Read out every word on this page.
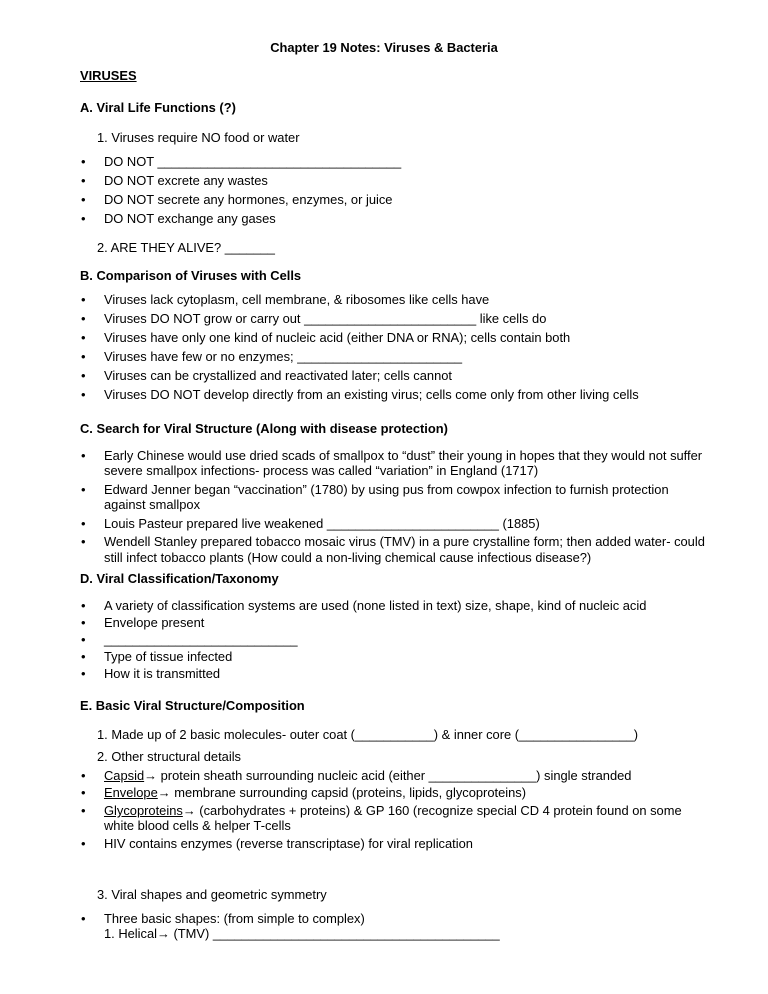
Chapter 19 Notes: Viruses & Bacteria
VIRUSES
A. Viral Life Functions (?)
1. Viruses require NO food or water
• DO NOT __________________________________
• DO NOT excrete any wastes
• DO NOT secrete any hormones, enzymes, or juice
• DO NOT exchange any gases
2. ARE THEY ALIVE? _______
B. Comparison of Viruses with Cells
• Viruses lack cytoplasm, cell membrane, & ribosomes like cells have
• Viruses DO NOT grow or carry out ________________________ like cells do
• Viruses have only one kind of nucleic acid (either DNA or RNA); cells contain both
• Viruses have few or no enzymes; _______________________
• Viruses can be crystallized and reactivated later; cells cannot
• Viruses DO NOT develop directly from an existing virus; cells come only from other living cells
C. Search for Viral Structure (Along with disease protection)
• Early Chinese would use dried scads of smallpox to “dust” their young in hopes that they would not suffer severe smallpox infections- process was called “variation” in England (1717)
• Edward Jenner began “vaccination” (1780) by using pus from cowpox infection to furnish protection against smallpox
• Louis Pasteur prepared live weakened ________________________ (1885)
• Wendell Stanley prepared tobacco mosaic virus (TMV) in a pure crystalline form; then added water- could still infect tobacco plants (How could a non-living chemical cause infectious disease?)
D. Viral Classification/Taxonomy
• A variety of classification systems are used (none listed in text) size, shape, kind of nucleic acid
• Envelope present
• ___________________________
• Type of tissue infected
• How it is transmitted
E. Basic Viral Structure/Composition
1. Made up of 2 basic molecules- outer coat (___________) & inner core (________________)
2. Other structural details
• Capsid→ protein sheath surrounding nucleic acid (either _______________) single stranded
• Envelope→ membrane surrounding capsid (proteins, lipids, glycoproteins)
• Glycoproteins→ (carbohydrates + proteins) & GP 160 (recognize special CD 4 protein found on some white blood cells & helper T-cells
• HIV contains enzymes (reverse transcriptase) for viral replication
3. Viral shapes and geometric symmetry
• Three basic shapes: (from simple to complex)
1. Helical→ (TMV) ________________________________________
